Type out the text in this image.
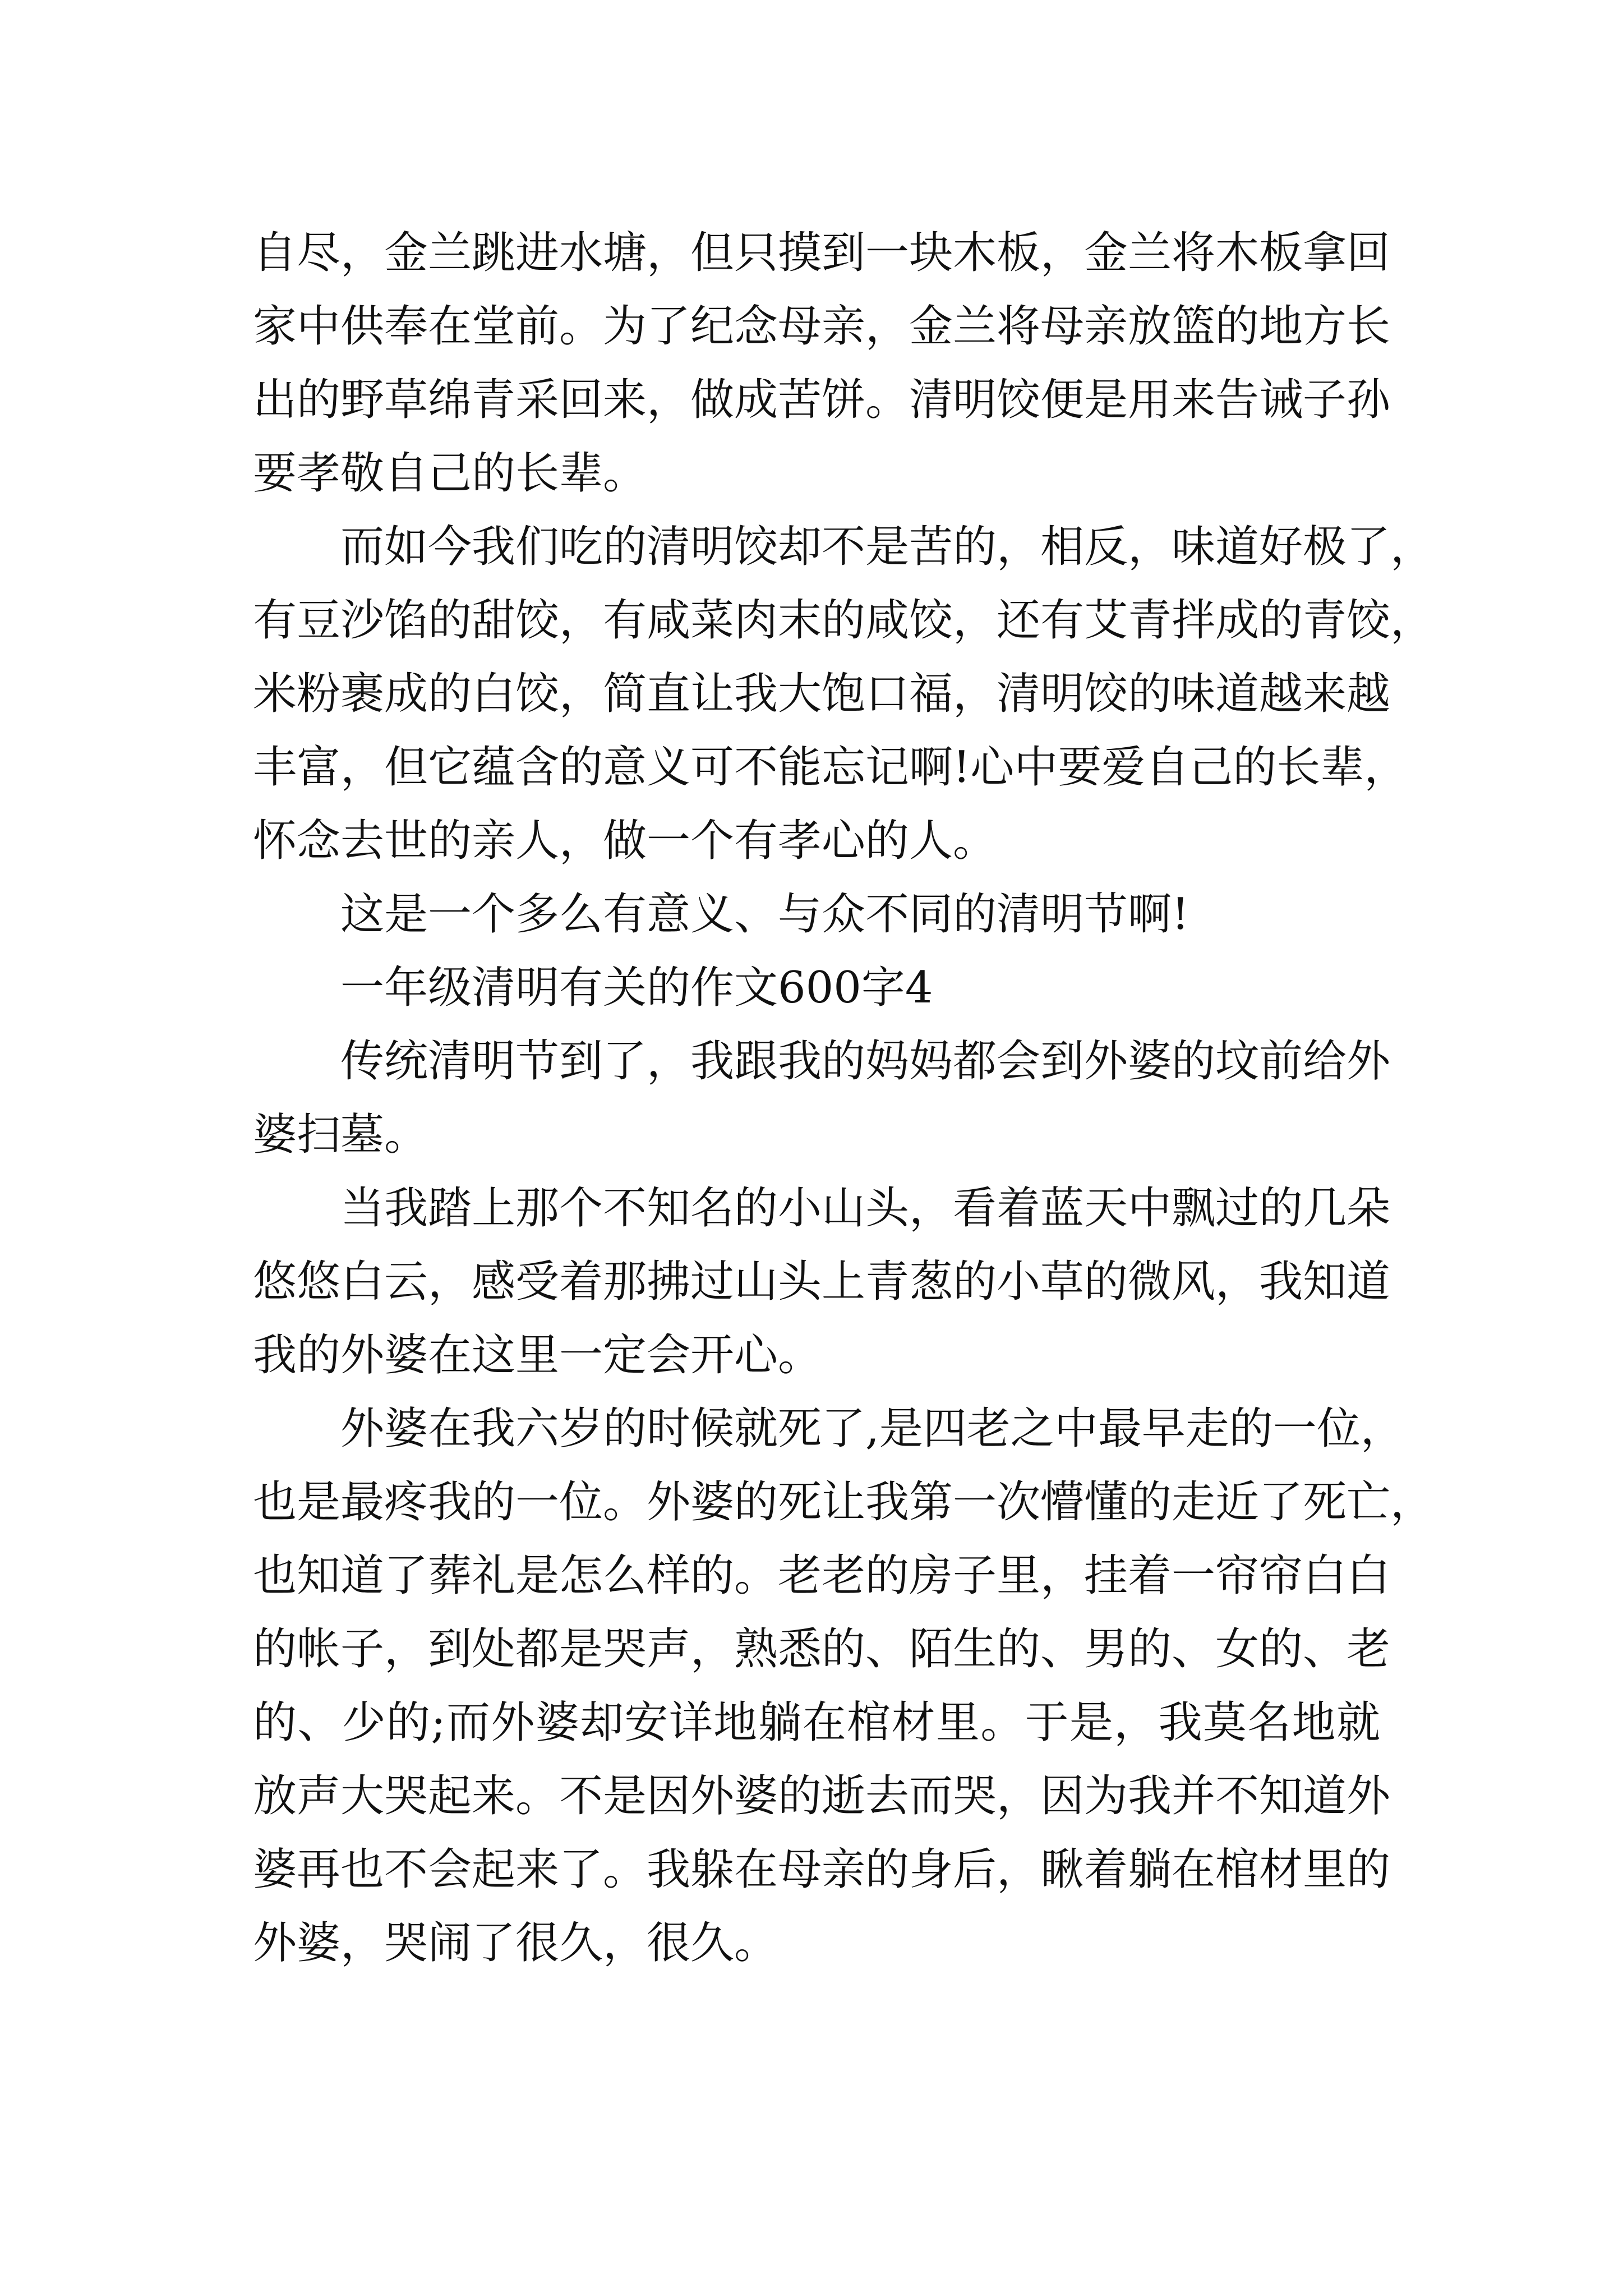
自尽，金兰跳进水塘，但只摸到一块木板，金兰将木板拿回
家中供奉在堂前。为了纪念母亲，金兰将母亲放篮的地方长
出的野草绵青采回来，做成苦饼。清明饺便是用来告诫子孙
要孝敬自己的长辈。
而如今我们吃的清明饺却不是苦的，相反，味道好极了，
有豆沙馅的甜饺，有咸菜肉末的咸饺，还有艾青拌成的青饺，
米粉裹成的白饺，简直让我大饱口福，清明饺的味道越来越
丰富，但它蕴含的意义可不能忘记啊!心中要爱自己的长辈，
怀念去世的亲人，做一个有孝心的人。
这是一个多么有意义、与众不同的清明节啊!
一年级清明有关的作文600字4
传统清明节到了，我跟我的妈妈都会到外婆的坟前给外
婆扫墓。
当我踏上那个不知名的小山头，看着蓝天中飘过的几朵
悠悠白云，感受着那拂过山头上青葱的小草的微风，我知道
我的外婆在这里一定会开心。
外婆在我六岁的时候就死了,是四老之中最早走的一位，
也是最疼我的一位。外婆的死让我第一次懵懂的走近了死亡，
也知道了葬礼是怎么样的。老老的房子里，挂着一帘帘白白
的帐子，到处都是哭声，熟悉的、陌生的、男的、女的、老
的、少的;而外婆却安详地躺在棺材里。于是，我莫名地就
放声大哭起来。不是因外婆的逝去而哭，因为我并不知道外
婆再也不会起来了。我躲在母亲的身后，瞅着躺在棺材里的
外婆，哭闹了很久，很久。
